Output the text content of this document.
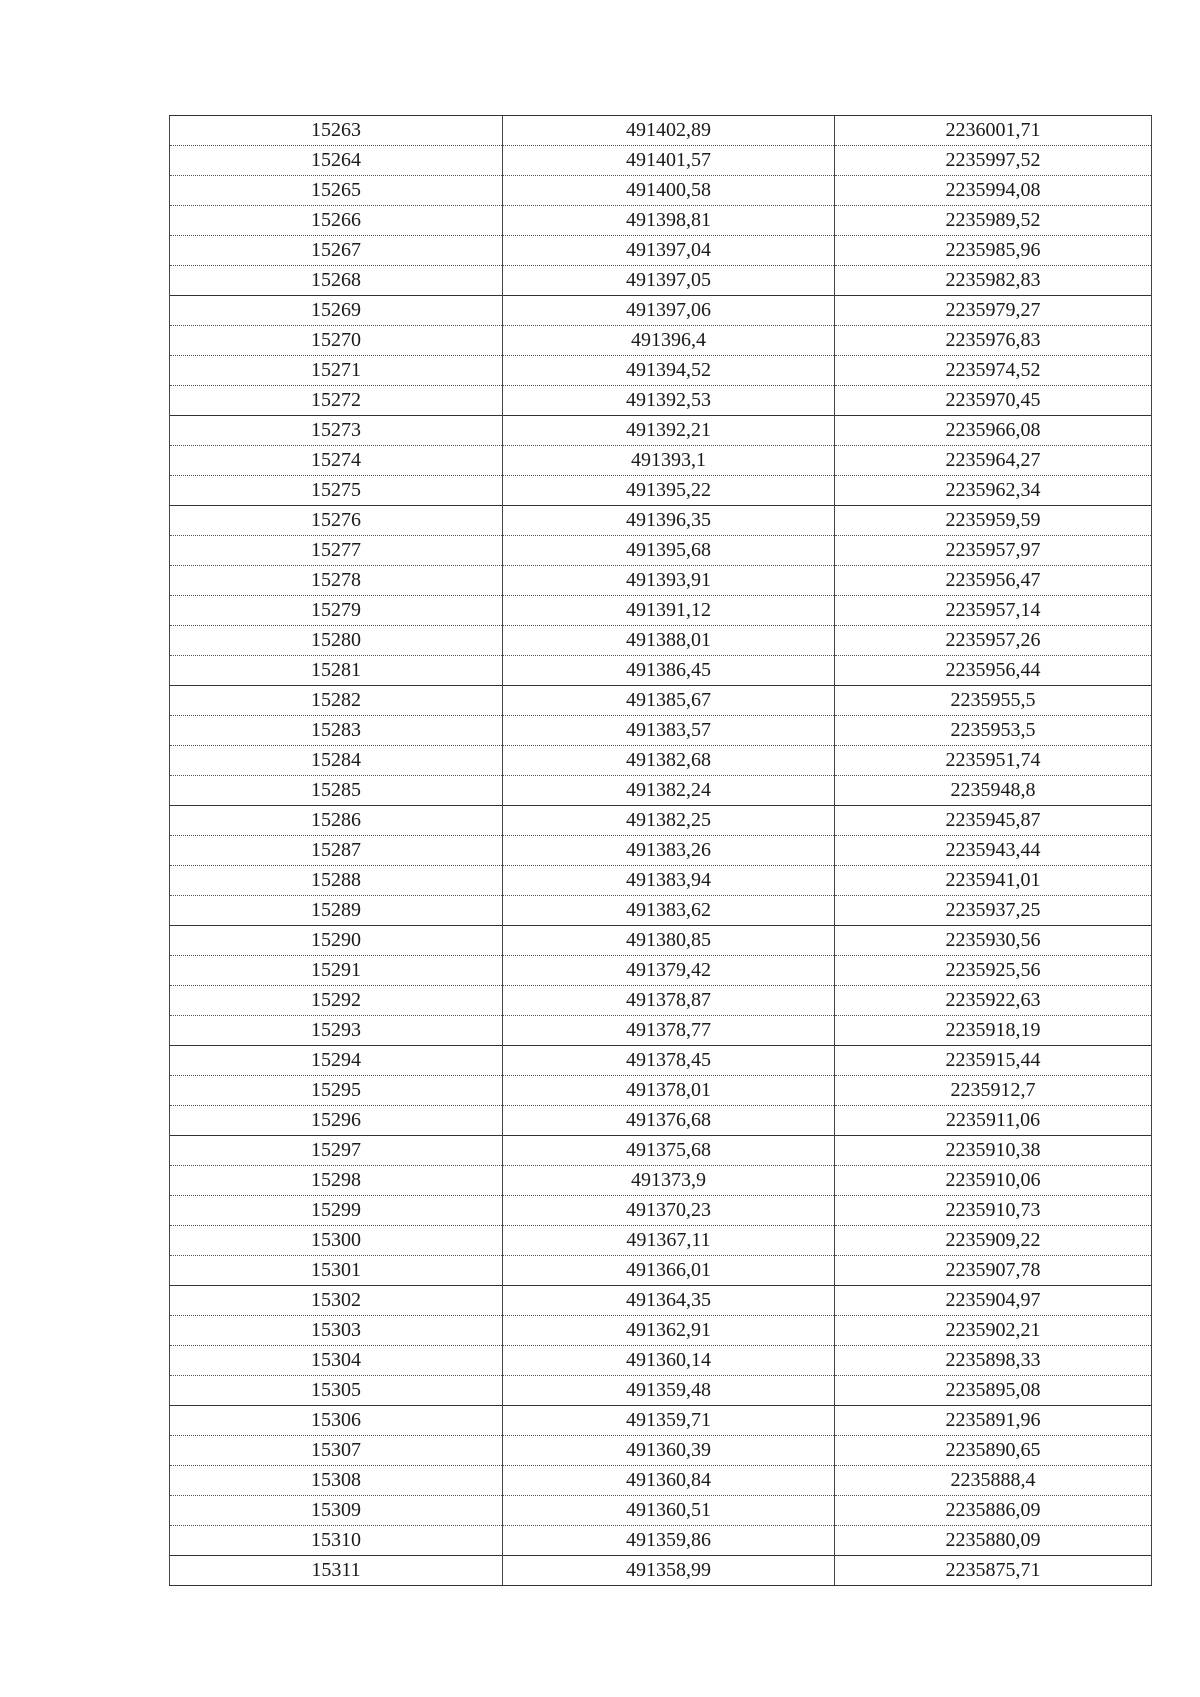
15263	491402,89	2236001,71
15264	491401,57	2235997,52
15265	491400,58	2235994,08
15266	491398,81	2235989,52
15267	491397,04	2235985,96
15268	491397,05	2235982,83
15269	491397,06	2235979,27
15270	491396,4	2235976,83
15271	491394,52	2235974,52
15272	491392,53	2235970,45
15273	491392,21	2235966,08
15274	491393,1	2235964,27
15275	491395,22	2235962,34
15276	491396,35	2235959,59
15277	491395,68	2235957,97
15278	491393,91	2235956,47
15279	491391,12	2235957,14
15280	491388,01	2235957,26
15281	491386,45	2235956,44
15282	491385,67	2235955,5
15283	491383,57	2235953,5
15284	491382,68	2235951,74
15285	491382,24	2235948,8
15286	491382,25	2235945,87
15287	491383,26	2235943,44
15288	491383,94	2235941,01
15289	491383,62	2235937,25
15290	491380,85	2235930,56
15291	491379,42	2235925,56
15292	491378,87	2235922,63
15293	491378,77	2235918,19
15294	491378,45	2235915,44
15295	491378,01	2235912,7
15296	491376,68	2235911,06
15297	491375,68	2235910,38
15298	491373,9	2235910,06
15299	491370,23	2235910,73
15300	491367,11	2235909,22
15301	491366,01	2235907,78
15302	491364,35	2235904,97
15303	491362,91	2235902,21
15304	491360,14	2235898,33
15305	491359,48	2235895,08
15306	491359,71	2235891,96
15307	491360,39	2235890,65
15308	491360,84	2235888,4
15309	491360,51	2235886,09
15310	491359,86	2235880,09
15311	491358,99	2235875,71
